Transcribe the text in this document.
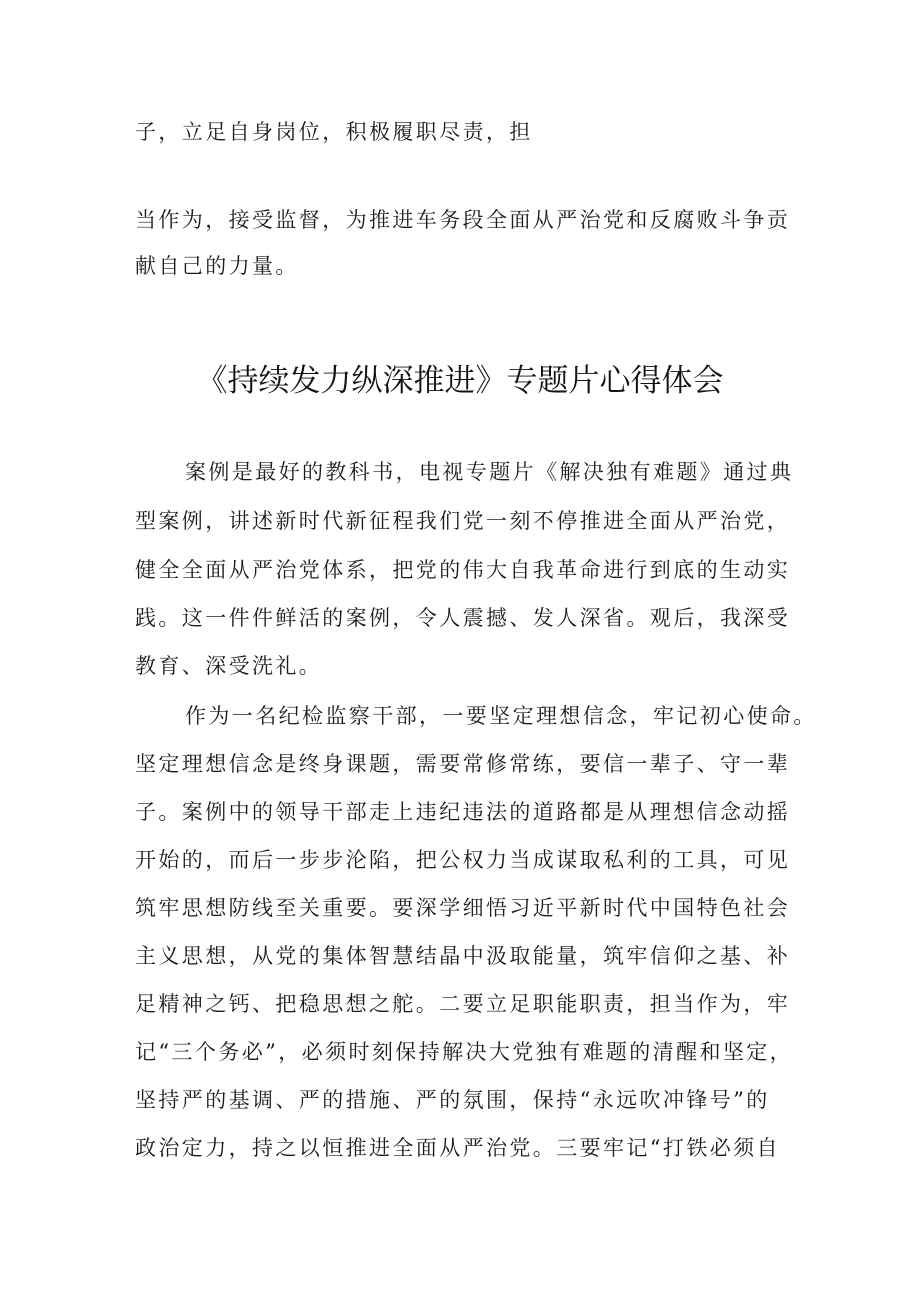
子，立足自身岗位，积极履职尽责，担
当作为，接受监督，为推进车务段全面从严治党和反腐败斗争贡
献自己的力量。
《持续发力纵深推进》专题片心得体会
案例是最好的教科书，电视专题片《解决独有难题》通过典
型案例，讲述新时代新征程我们党一刻不停推进全面从严治党，
健全全面从严治党体系，把党的伟大自我革命进行到底的生动实
践。这一件件鲜活的案例，令人震撼、发人深省。观后，我深受
教育、深受洗礼。
作为一名纪检监察干部，一要坚定理想信念，牢记初心使命。
坚定理想信念是终身课题，需要常修常练，要信一辈子、守一辈
子。案例中的领导干部走上违纪违法的道路都是从理想信念动摇
开始的，而后一步步沦陷，把公权力当成谋取私利的工具，可见
筑牢思想防线至关重要。要深学细悟习近平新时代中国特色社会
主义思想，从党的集体智慧结晶中汲取能量，筑牢信仰之基、补
足精神之钙、把稳思想之舵。二要立足职能职责，担当作为，牢
记“三个务必”，必须时刻保持解决大党独有难题的清醒和坚定，
坚持严的基调、严的措施、严的氛围，保持“永远吹冲锋号”的
政治定力，持之以恒推进全面从严治党。三要牢记“打铁必须自
